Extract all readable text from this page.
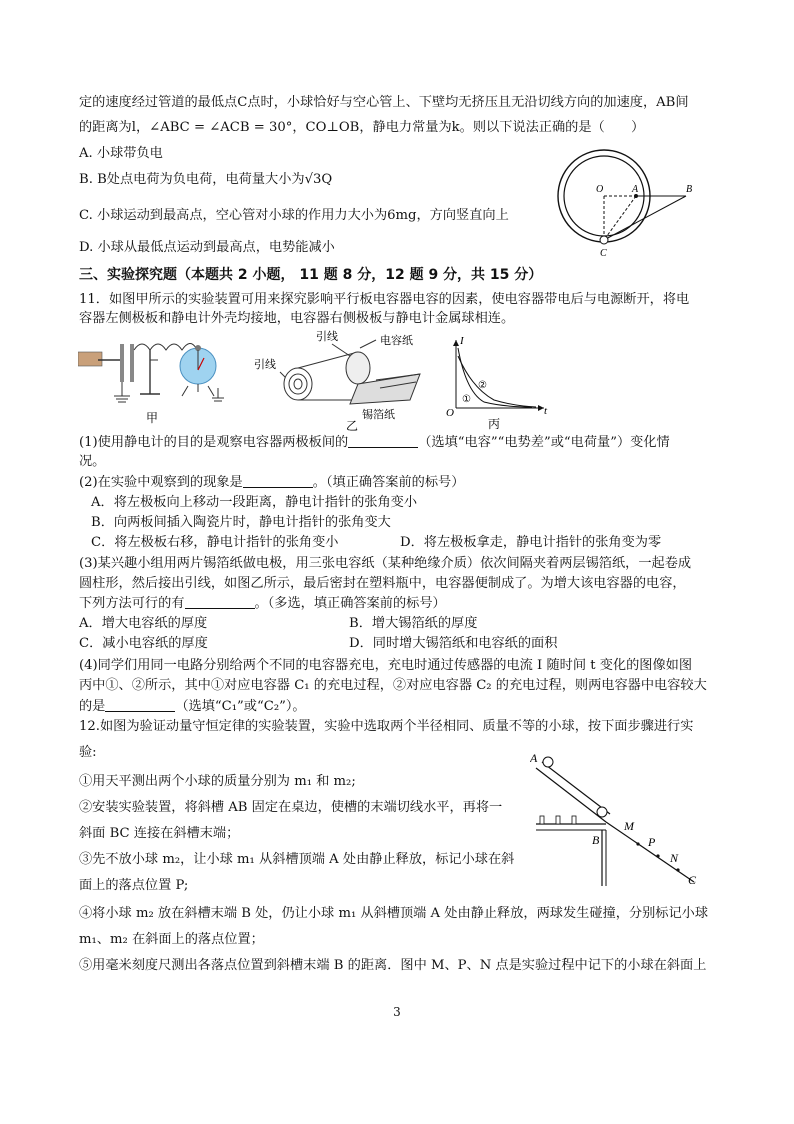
定的速度经过管道的最低点C点时，小球恰好与空心管上、下壁均无挤压且无沿切线方向的加速度，AB间
的距离为l，∠ABC = ∠ACB = 30°，CO⊥OB，静电力常量为k。则以下说法正确的是（　　）
A. 小球带负电
B. B处点电荷为负电荷，电荷量大小为√3Q
C. 小球运动到最高点，空心管对小球的作用力大小为6mg，方向竖直向上
D. 小球从最低点运动到最高点，电势能减小
O	A	B
C
三、实验探究题（本题共 2 小题， 11 题 8 分，12 题 9 分，共 15 分）
11．如图甲所示的实验装置可用来探究影响平行板电容器电容的因素，使电容器带电后与电源断开，将电
容器左侧极板和静电计外壳均接地，电容器右侧极板与静电计金属球相连。
甲
引线
引线
电容纸
锡箔纸
乙
I
O	t
①
②
丙
(1)使用静电计的目的是观察电容器两极板间的	（选填“电容”“电势差”或“电荷量”）变化情
况。
(2)在实验中观察到的现象是	。（填正确答案前的标号）
A．将左极板向上移动一段距离，静电计指针的张角变小
B．向两板间插入陶瓷片时，静电计指针的张角变大
C．将左极板右移，静电计指针的张角变小	D．将左极板拿走，静电计指针的张角变为零
(3)某兴趣小组用两片锡箔纸做电极，用三张电容纸（某种绝缘介质）依次间隔夹着两层锡箔纸，一起卷成
圆柱形，然后接出引线，如图乙所示，最后密封在塑料瓶中，电容器便制成了。为增大该电容器的电容，
下列方法可行的有	。（多选，填正确答案前的标号）
A．增大电容纸的厚度	B．增大锡箔纸的厚度
C．减小电容纸的厚度	D．同时增大锡箔纸和电容纸的面积
(4)同学们用同一电路分别给两个不同的电容器充电，充电时通过传感器的电流 I 随时间 t 变化的图像如图
丙中①、②所示，其中①对应电容器 C₁ 的充电过程，②对应电容器 C₂ 的充电过程，则两电容器中电容较大
的是	（选填“C₁”或“C₂”）。
12.如图为验证动量守恒定律的实验装置，实验中选取两个半径相同、质量不等的小球，按下面步骤进行实
验:
①用天平测出两个小球的质量分别为 m₁ 和 m₂;
②安装实验装置，将斜槽 AB 固定在桌边，使槽的末端切线水平，再将一
斜面 BC 连接在斜槽末端；
③先不放小球 m₂，让小球 m₁ 从斜槽顶端 A 处由静止释放，标记小球在斜
面上的落点位置 P;
④将小球 m₂ 放在斜槽末端 B 处，仍让小球 m₁ 从斜槽顶端 A 处由静止释放，两球发生碰撞，分别标记小球
m₁、m₂ 在斜面上的落点位置；
⑤用毫米刻度尺测出各落点位置到斜槽末端 B 的距离．图中 M、P、N 点是实验过程中记下的小球在斜面上
A
B
M
P
N
C
3
